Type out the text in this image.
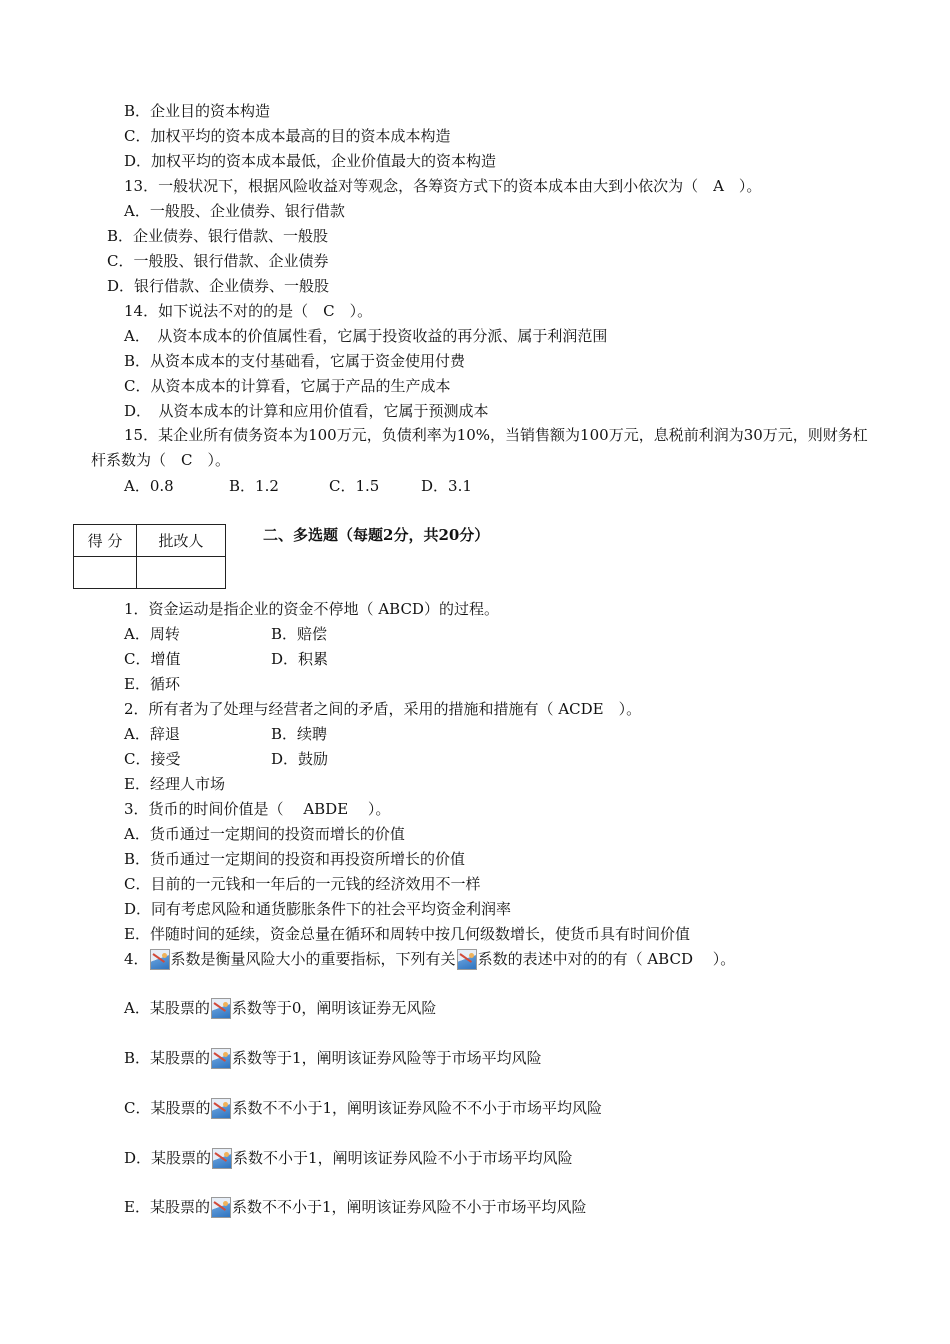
B．企业目的资本构造
C．加权平均的资本成本最高的目的资本成本构造
D．加权平均的资本成本最低，企业价值最大的资本构造
13．一般状况下，根据风险收益对等观念，各筹资方式下的资本成本由大到小依次为（　A　）。
A．一般股、企业债券、银行借款
B．企业债券、银行借款、一般股
C．一般股、银行借款、企业债券
D．银行借款、企业债券、一般股
14．如下说法不对的的是（　C　）。
A．　从资本成本的价值属性看，它属于投资收益的再分派、属于利润范围
B．从资本成本的支付基础看，它属于资金使用付费
C．从资本成本的计算看，它属于产品的生产成本
D．　从资本成本的计算和应用价值看，它属于预测成本
15．某企业所有债务资本为100万元，负债利率为10%，当销售额为100万元，息税前利润为30万元，则财务杠杆系数为（　C　）。
A．0.8	B．1.2	C．1.5	D．3.1
得 分	批改人
		二、多选题（每题2分，共20分）
1．资金运动是指企业的资金不停地（ ABCD）的过程。
A．周转	B．赔偿
C．增值	D．积累
E．循环
2．所有者为了处理与经营者之间的矛盾，采用的措施和措施有（ ACDE　）。
A．辞退	B．续聘
C．接受	D．鼓励
E．经理人市场
3．货币的时间价值是（　 ABDE　 ）。
A．货币通过一定期间的投资而增长的价值
B．货币通过一定期间的投资和再投资所增长的价值
C．目前的一元钱和一年后的一元钱的经济效用不一样
D．同有考虑风险和通货膨胀条件下的社会平均资金利润率
E．伴随时间的延续，资金总量在循环和周转中按几何级数增长，使货币具有时间价值
4． 系数是衡量风险大小的重要指标，下列有关 系数的表述中对的的有（ ABCD　 ）。
A．某股票的 系数等于0，阐明该证券无风险
B．某股票的 系数等于1，阐明该证券风险等于市场平均风险
C．某股票的 系数不不小于1，阐明该证券风险不不小于市场平均风险
D．某股票的 系数不小于1，阐明该证券风险不小于市场平均风险
E．某股票的 系数不不小于1，阐明该证券风险不小于市场平均风险
